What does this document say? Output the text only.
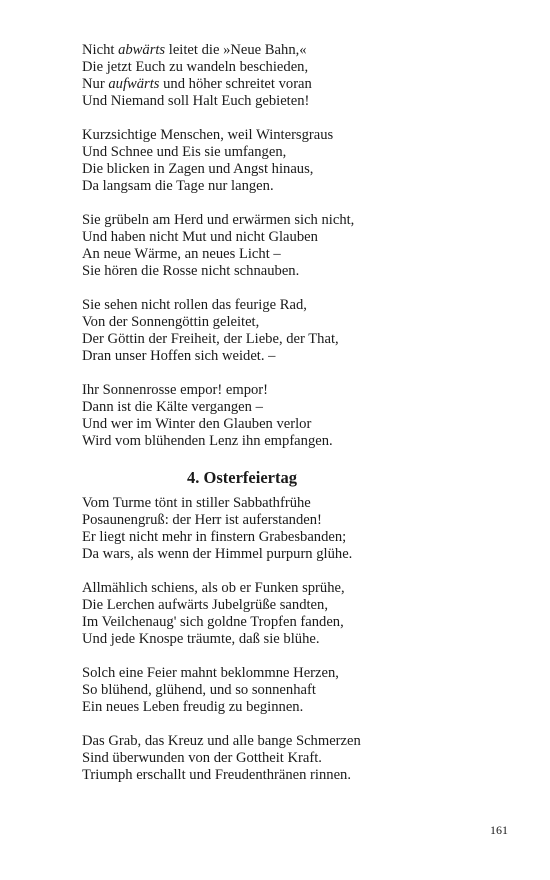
Nicht abwärts leitet die »Neue Bahn,«
Die jetzt Euch zu wandeln beschieden,
Nur aufwärts und höher schreitet voran
Und Niemand soll Halt Euch gebieten!
Kurzsichtige Menschen, weil Wintersgraus
Und Schnee und Eis sie umfangen,
Die blicken in Zagen und Angst hinaus,
Da langsam die Tage nur langen.
Sie grübeln am Herd und erwärmen sich nicht,
Und haben nicht Mut und nicht Glauben
An neue Wärme, an neues Licht –
Sie hören die Rosse nicht schnauben.
Sie sehen nicht rollen das feurige Rad,
Von der Sonnengöttin geleitet,
Der Göttin der Freiheit, der Liebe, der That,
Dran unser Hoffen sich weidet. –
Ihr Sonnenrosse empor! empor!
Dann ist die Kälte vergangen –
Und wer im Winter den Glauben verlor
Wird vom blühenden Lenz ihn empfangen.
4. Osterfeiertag
Vom Turme tönt in stiller Sabbathfrühe
Posaunengruß: der Herr ist auferstanden!
Er liegt nicht mehr in finstern Grabesbanden;
Da wars, als wenn der Himmel purpurn glühe.
Allmählich schiens, als ob er Funken sprühe,
Die Lerchen aufwärts Jubelgrüße sandten,
Im Veilchenaug' sich goldne Tropfen fanden,
Und jede Knospe träumte, daß sie blühe.
Solch eine Feier mahnt beklommne Herzen,
So blühend, glühend, und so sonnenhaft
Ein neues Leben freudig zu beginnen.
Das Grab, das Kreuz und alle bange Schmerzen
Sind überwunden von der Gottheit Kraft.
Triumph erschallt und Freudenthränen rinnen.
161
